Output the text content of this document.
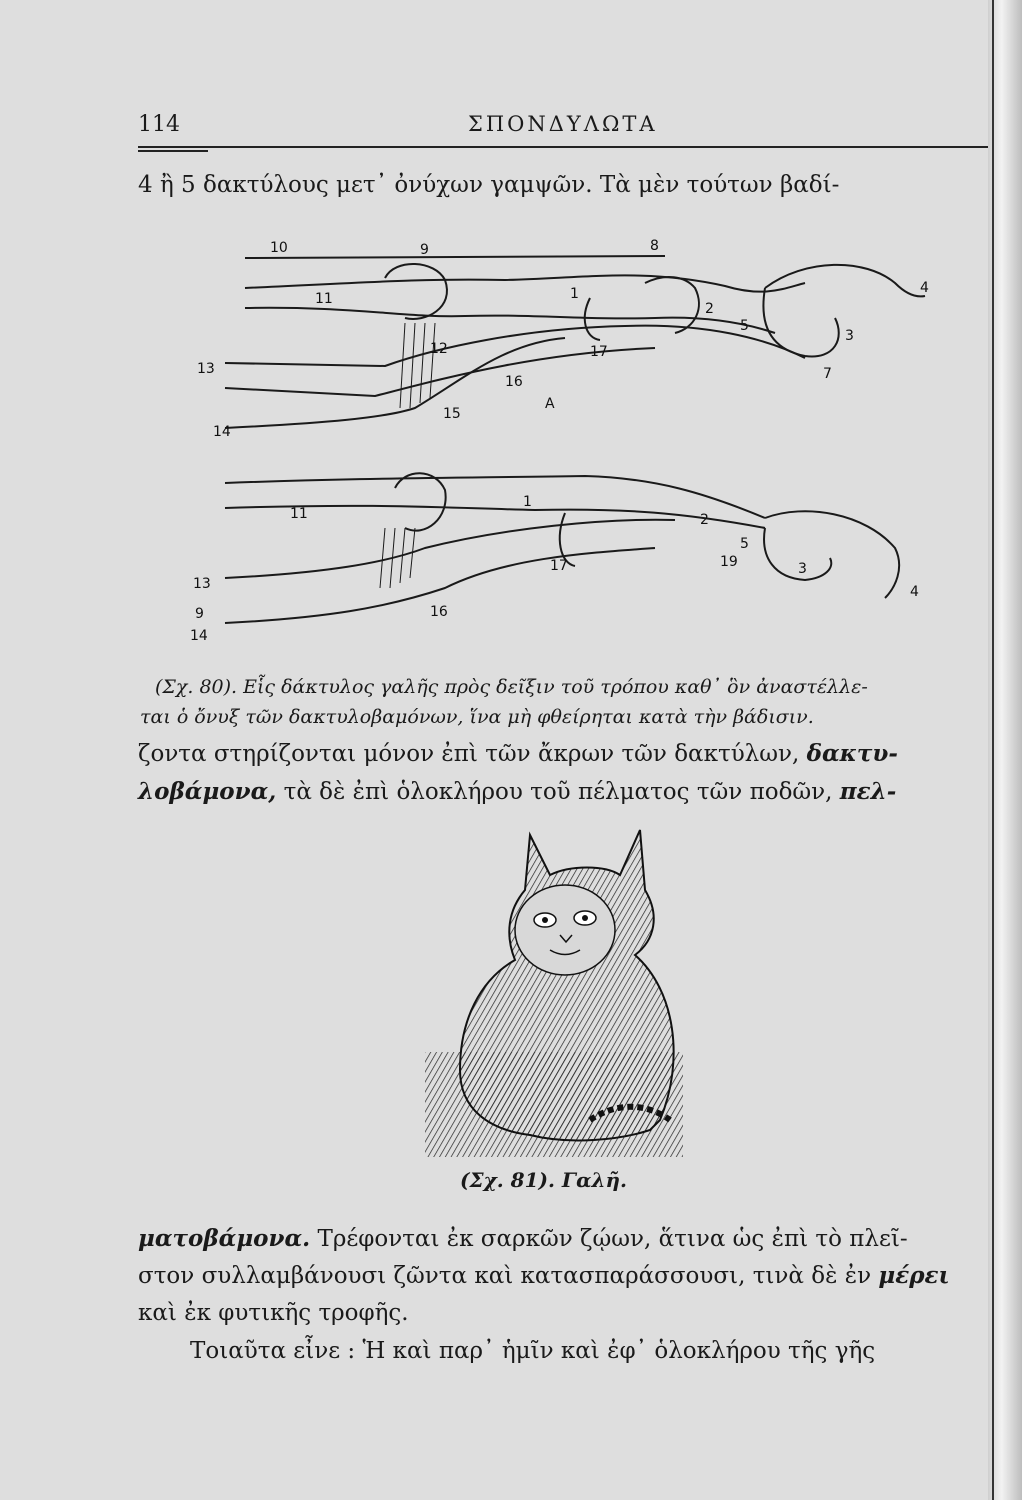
114	ΣΠΟΝΔΥΛΩΤΑ
4 ἢ 5 δακτύλους μετ᾽ ὀνύχων γαμψῶν. Τὰ μὲν τούτων βαδί-
10	9	8
11	1
2
5
4
3
7
12	17
13
16
14
15
A
11
1
2
5
19	3
4
13
17
9	16
14
(Σχ. 80). Εἷς δάκτυλος γαλῆς πρὸς δεῖξιν τοῦ τρόπου καθ᾽ ὃν ἀναστέλλε-
ται ὁ ὄνυξ τῶν δακτυλοβαμόνων, ἵνα μὴ φθείρηται κατὰ τὴν βάδισιν.
ζοντα στηρίζονται μόνον ἐπὶ τῶν ἄκρων τῶν δακτύλων, δακτυ-
λοβάμονα, τὰ δὲ ἐπὶ ὁλοκλήρου τοῦ πέλματος τῶν ποδῶν, πελ-
(Σχ. 81). Γαλῆ.
ματοβάμονα. Τρέφονται ἐκ σαρκῶν ζῴων, ἅτινα ὡς ἐπὶ τὸ πλεῖ-
στον συλλαμβάνουσι ζῶντα καὶ κατασπαράσσουσι, τινὰ δὲ ἐν μέρει
καὶ ἐκ φυτικῆς τροφῆς.
Τοιαῦτα εἶνε : Ἡ καὶ παρ᾽ ἡμῖν καὶ ἐφ᾽ ὁλοκλήρου τῆς γῆς
